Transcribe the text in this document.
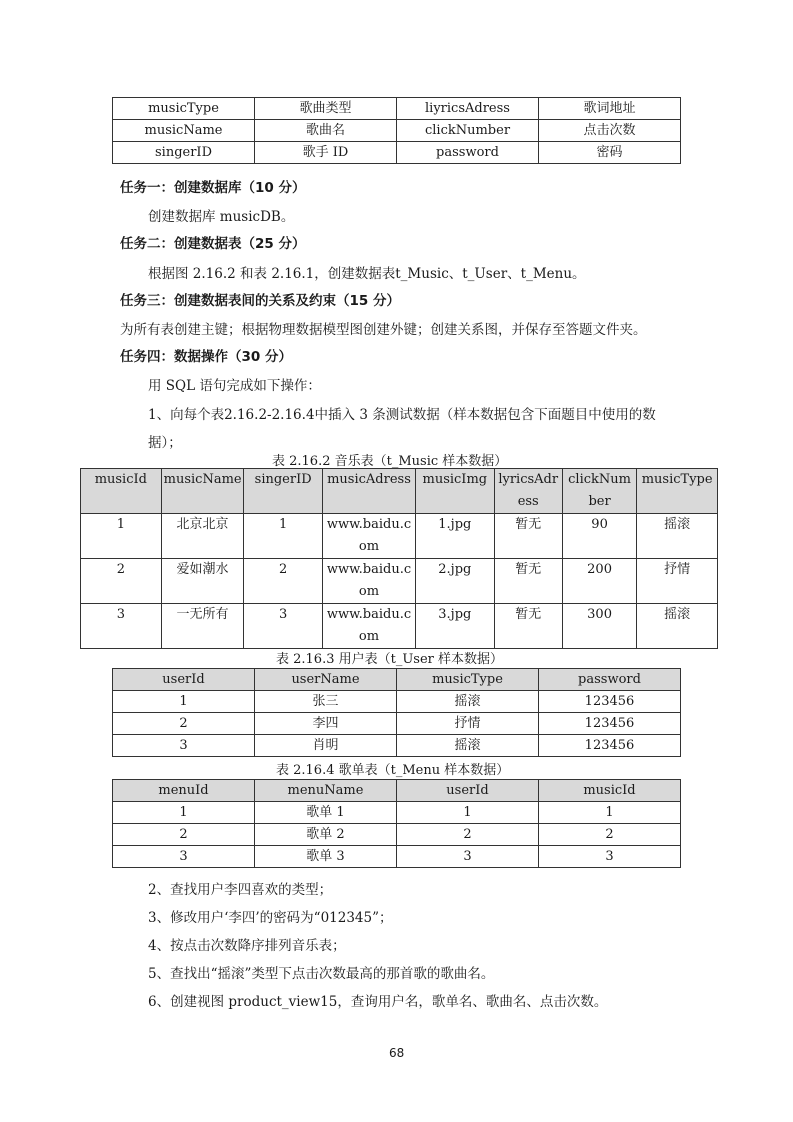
musicType	歌曲类型	liyricsAdress	歌词地址
musicName	歌曲名	clickNumber	点击次数
singerID	歌手 ID	password	密码
任务一：创建数据库（10 分）
创建数据库 musicDB。
任务二：创建数据表（25 分）
根据图 2.16.2 和表 2.16.1，创建数据表t_Music、t_User、t_Menu。
任务三：创建数据表间的关系及约束（15 分）
为所有表创建主键；根据物理数据模型图创建外键；创建关系图，并保存至答题文件夹。
任务四：数据操作（30 分）
用 SQL 语句完成如下操作：
1、向每个表2.16.2-2.16.4中插入 3 条测试数据（样本数据包含下面题目中使用的数
据）；
表 2.16.2 音乐表（t_Music 样本数据）
musicId	musicName	singerID	musicAdress	musicImg	lyricsAdress	clickNumber	musicType
1	北京北京	1	www.baidu.com	1.jpg	暂无	90	摇滚
2	爱如潮水	2	www.baidu.com	2.jpg	暂无	200	抒情
3	一无所有	3	www.baidu.com	3.jpg	暂无	300	摇滚
表 2.16.3 用户表（t_User 样本数据）
userId	userName	musicType	password
1	张三	摇滚	123456
2	李四	抒情	123456
3	肖明	摇滚	123456
表 2.16.4 歌单表（t_Menu 样本数据）
menuId	menuName	userId	musicId
1	歌单 1	1	1
2	歌单 2	2	2
3	歌单 3	3	3
2、查找用户李四喜欢的类型；
3、修改用户‘李四’的密码为“012345”；
4、按点击次数降序排列音乐表；
5、查找出“摇滚”类型下点击次数最高的那首歌的歌曲名。
6、创建视图 product_view15，查询用户名，歌单名、歌曲名、点击次数。
68
